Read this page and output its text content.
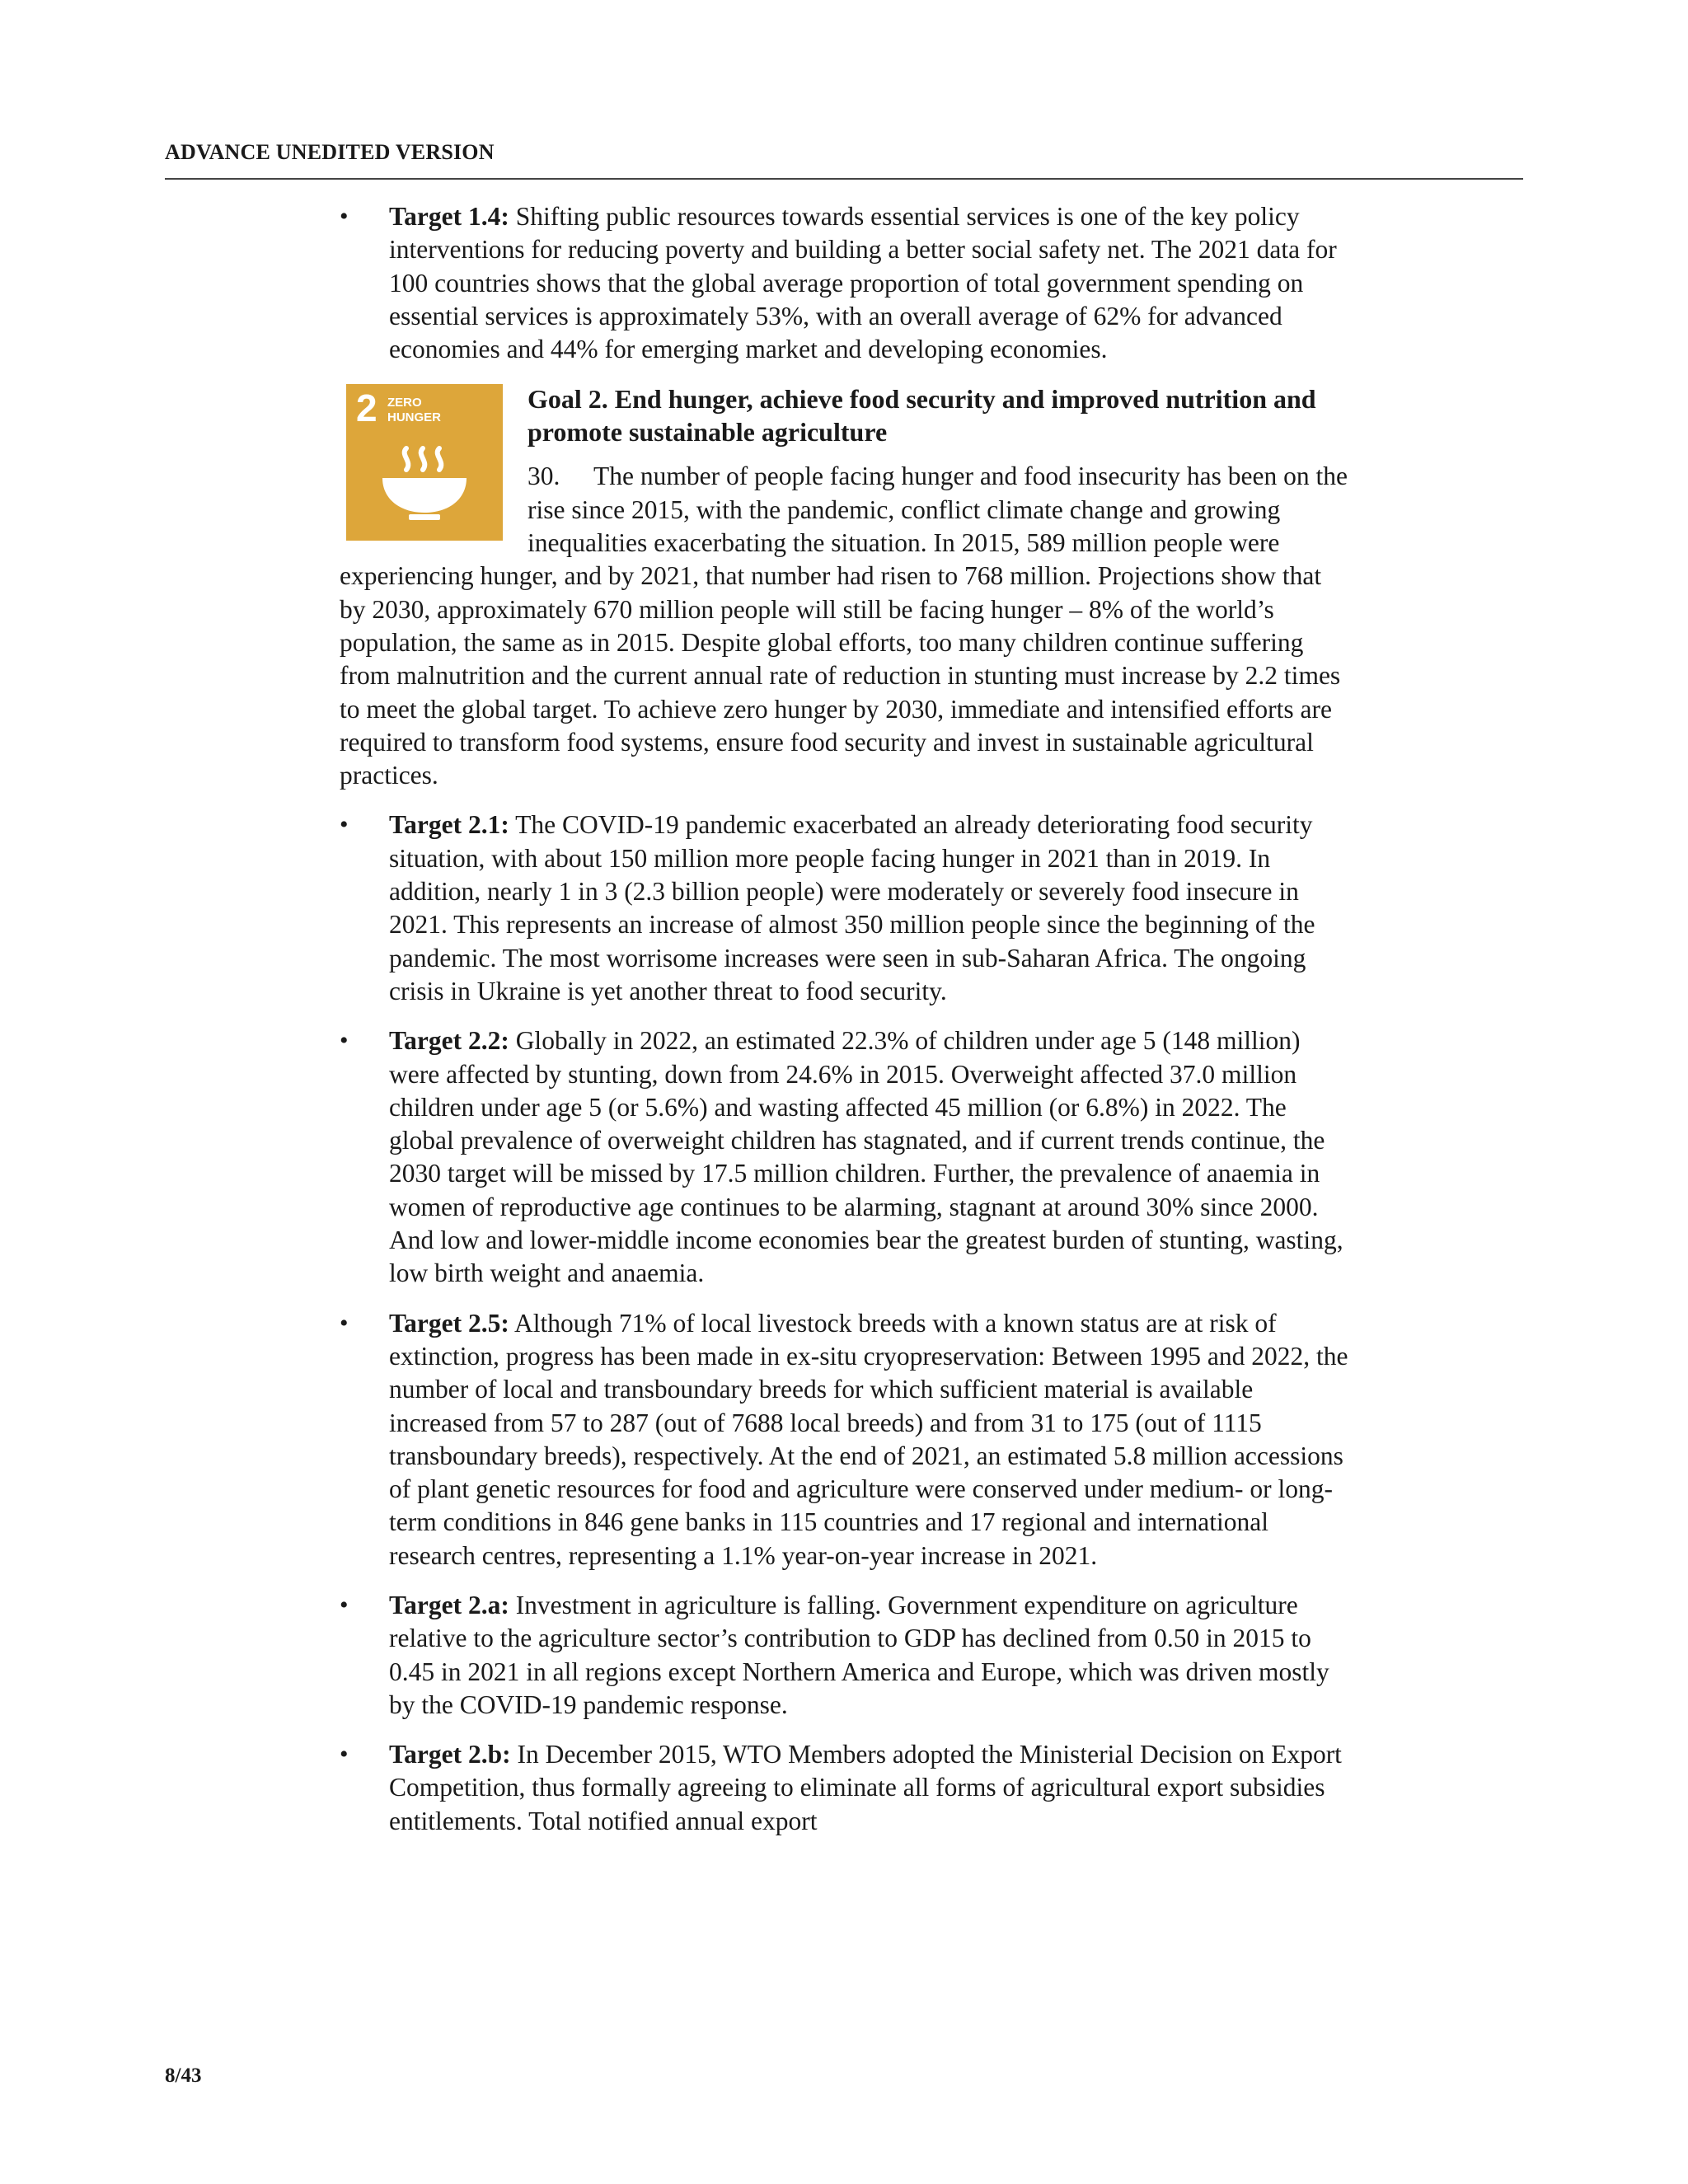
ADVANCE UNEDITED VERSION
• Target 1.4: Shifting public resources towards essential services is one of the key policy interventions for reducing poverty and building a better social safety net. The 2021 data for 100 countries shows that the global average proportion of total government spending on essential services is approximately 53%, with an overall average of 62% for advanced economies and 44% for emerging market and developing economies.
2 ZERO
HUNGER

Goal 2. End hunger, achieve food security and improved nutrition and promote sustainable agriculture

30. The number of people facing hunger and food insecurity has been on the rise since 2015, with the pandemic, conflict climate change and growing inequalities exacerbating the situation. In 2015, 589 million people were experiencing hunger, and by 2021, that number had risen to 768 million. Projections show that by 2030, approximately 670 million people will still be facing hunger – 8% of the world’s population, the same as in 2015. Despite global efforts, too many children continue suffering from malnutrition and the current annual rate of reduction in stunting must increase by 2.2 times to meet the global target. To achieve zero hunger by 2030, immediate and intensified efforts are required to transform food systems, ensure food security and invest in sustainable agricultural practices.

• Target 2.1: The COVID-19 pandemic exacerbated an already deteriorating food security situation, with about 150 million more people facing hunger in 2021 than in 2019. In addition, nearly 1 in 3 (2.3 billion people) were moderately or severely food insecure in 2021. This represents an increase of almost 350 million people since the beginning of the pandemic. The most worrisome increases were seen in sub-Saharan Africa. The ongoing crisis in Ukraine is yet another threat to food security.
• Target 2.2: Globally in 2022, an estimated 22.3% of children under age 5 (148 million) were affected by stunting, down from 24.6% in 2015. Overweight affected 37.0 million children under age 5 (or 5.6%) and wasting affected 45 million (or 6.8%) in 2022. The global prevalence of overweight children has stagnated, and if current trends continue, the 2030 target will be missed by 17.5 million children. Further, the prevalence of anaemia in women of reproductive age continues to be alarming, stagnant at around 30% since 2000. And low and lower-middle income economies bear the greatest burden of stunting, wasting, low birth weight and anaemia.
• Target 2.5: Although 71% of local livestock breeds with a known status are at risk of extinction, progress has been made in ex-situ cryopreservation: Between 1995 and 2022, the number of local and transboundary breeds for which sufficient material is available increased from 57 to 287 (out of 7688 local breeds) and from 31 to 175 (out of 1115 transboundary breeds), respectively. At the end of 2021, an estimated 5.8 million accessions of plant genetic resources for food and agriculture were conserved under medium- or long-term conditions in 846 gene banks in 115 countries and 17 regional and international research centres, representing a 1.1% year-on-year increase in 2021.
• Target 2.a: Investment in agriculture is falling. Government expenditure on agriculture relative to the agriculture sector’s contribution to GDP has declined from 0.50 in 2015 to 0.45 in 2021 in all regions except Northern America and Europe, which was driven mostly by the COVID-19 pandemic response.
• Target 2.b: In December 2015, WTO Members adopted the Ministerial Decision on Export Competition, thus formally agreeing to eliminate all forms of agricultural export subsidies entitlements. Total notified annual export
8/43
